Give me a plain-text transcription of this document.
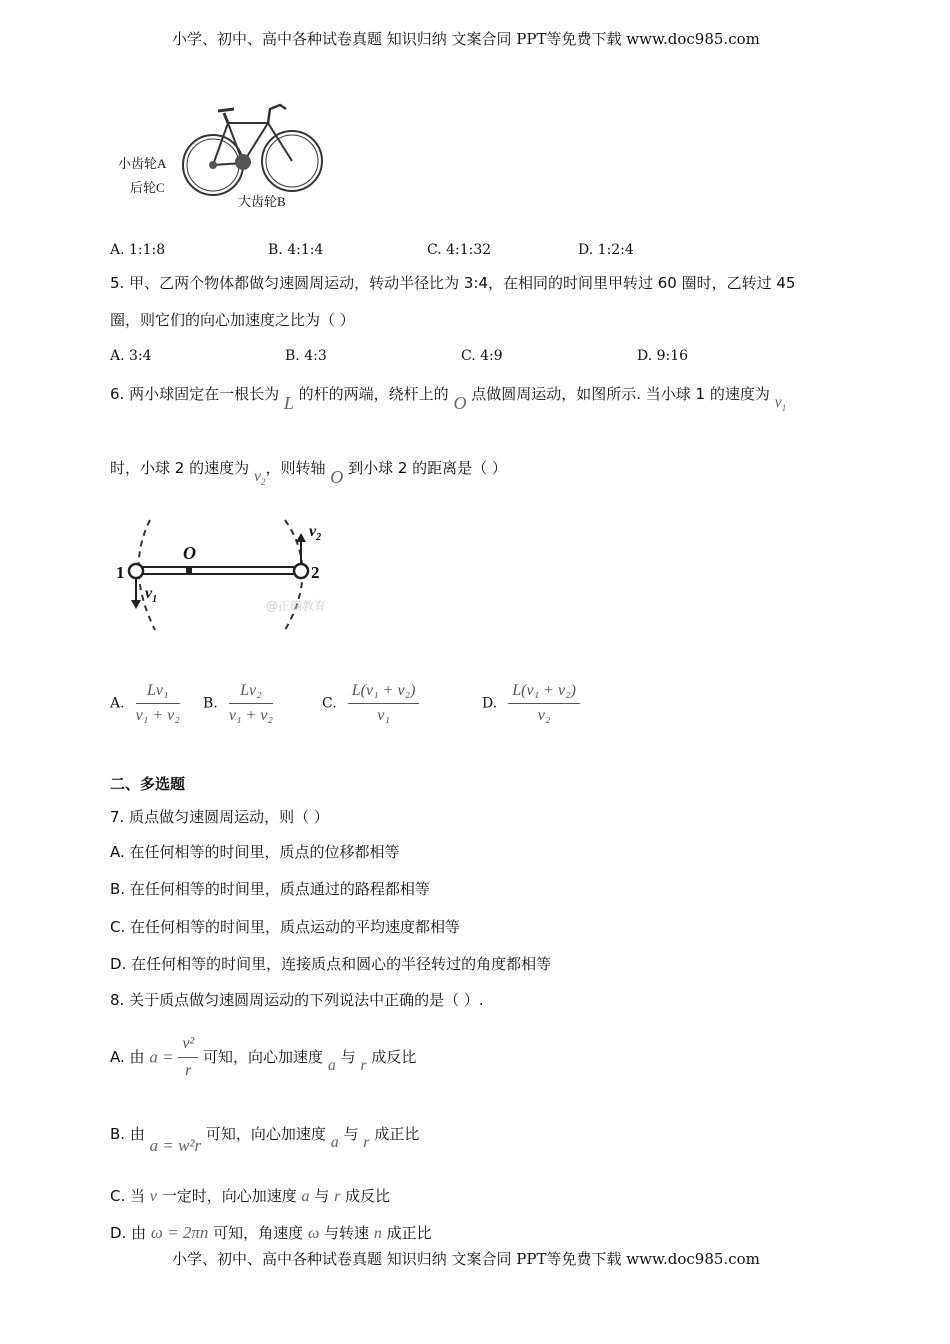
小学、初中、高中各种试卷真题 知识归纳 文案合同 PPT等免费下载 www.doc985.com
小齿轮A
后轮C
大齿轮B
A. 1:1:8	B. 4:1:4	C. 4:1:32	D. 1:2:4
5. 甲、乙两个物体都做匀速圆周运动，转动半径比为 3:4，在相同的时间里甲转过 60 圈时，乙转过 45
圈，则它们的向心加速度之比为（ ）
A. 3:4	B. 4:3	C. 4:9	D. 9:16
6. 两小球固定在一根长为 L 的杆的两端，绕杆上的 O 点做圆周运动，如图所示. 当小球 1 的速度为 $v_1$
时，小球 2 的速度为 $v_2$，则转轴 O 到小球 2 的距离是（ ）
1	2
O
$v_1$
$v_2$
@正确教育
A. $\frac{\text{Lv₁}}{\text{v₁ + v₂}} B$. $\frac{\text{Lv₂}}{\text{v₁ + v₂}}$	C. $\frac{\text{L(v₁ + v₂)}}{\text{v₁}}$	D. $\frac{\text{L(v₁ + v₂)}}{\text{v₂}}$
二、多选题
7. 质点做匀速圆周运动，则（ ）
A. 在任何相等的时间里，质点的位移都相等
B. 在任何相等的时间里，质点通过的路程都相等
C. 在任何相等的时间里，质点运动的平均速度都相等
D. 在任何相等的时间里，连接质点和圆心的半径转过的角度都相等
8. 关于质点做匀速圆周运动的下列说法中正确的是（ ）.
A. 由 $a = \frac{\text{v²}}{r}$ 可知，向心加速度 a 与 r 成反比
B. 由 a = w²r 可知，向心加速度 a 与 r 成正比
C. 当 v 一定时，向心加速度 a 与 r 成反比
D. 由 ω = 2πn 可知，角速度 ω 与转速 n 成正比
小学、初中、高中各种试卷真题 知识归纳 文案合同 PPT等免费下载 www.doc985.com
